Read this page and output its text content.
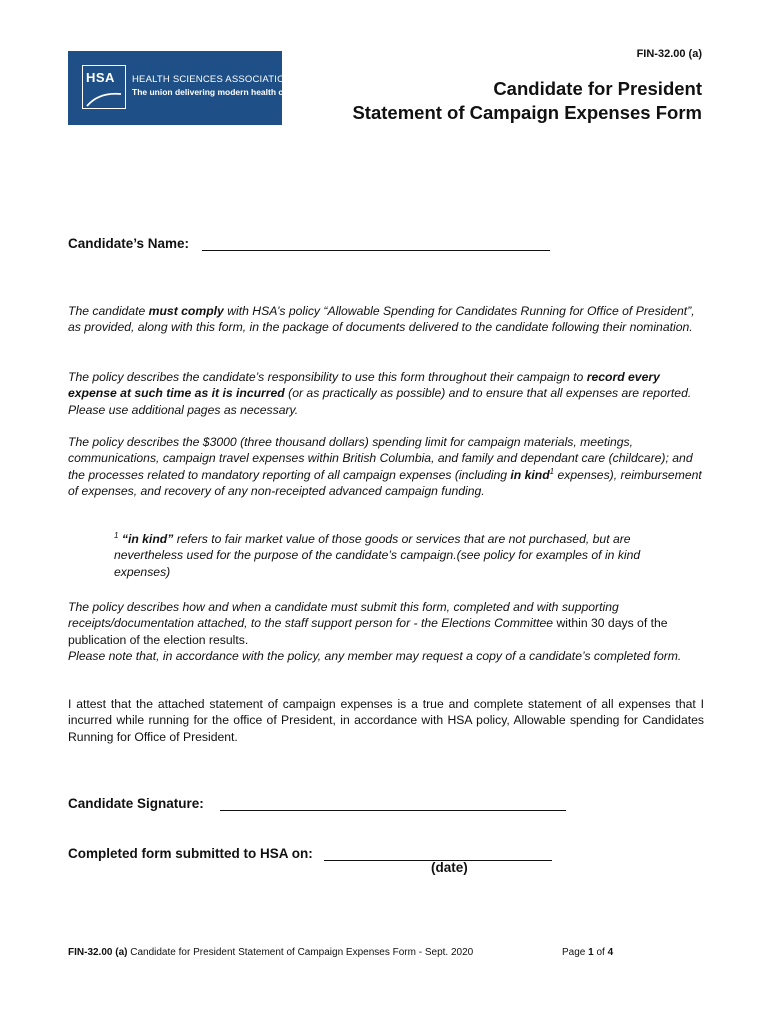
FIN-32.00 (a)
HSA HEALTH SCIENCES ASSOCIATION
The union delivering modern health care	Candidate for President
Statement of Campaign Expenses Form
Candidate’s Name:
The candidate must comply with HSA’s policy “Allowable Spending for Candidates Running for Office of President”, as provided, along with this form, in the package of documents delivered to the candidate following their nomination.
The policy describes the candidate’s responsibility to use this form throughout their campaign to record every expense at such time as it is incurred (or as practically as possible) and to ensure that all expenses are reported. Please use additional pages as necessary.
The policy describes the $3000 (three thousand dollars) spending limit for campaign materials, meetings, communications, campaign travel expenses within British Columbia, and family and dependant care (childcare); and the processes related to mandatory reporting of all campaign expenses (including in kind$^1$ expenses), reimbursement of expenses, and recovery of any non-receipted advanced campaign funding.
$^1$ “in kind” refers to fair market value of those goods or services that are not purchased, but are nevertheless used for the purpose of the candidate’s campaign.(see policy for examples of in kind expenses)
The policy describes how and when a candidate must submit this form, completed and with supporting receipts/documentation attached, to the staff support person for - the Elections Committee within 30 days of the publication of the election results.
Please note that, in accordance with the policy, any member may request a copy of a candidate’s completed form.
I attest that the attached statement of campaign expenses is a true and complete statement of all expenses that I incurred while running for the office of President, in accordance with HSA policy, Allowable spending for Candidates Running for Office of President.
Candidate Signature:
Completed form submitted to HSA on:
(date)
FIN-32.00 (a) Candidate for President Statement of Campaign Expenses Form - Sept. 2020	Page 1 of 4
